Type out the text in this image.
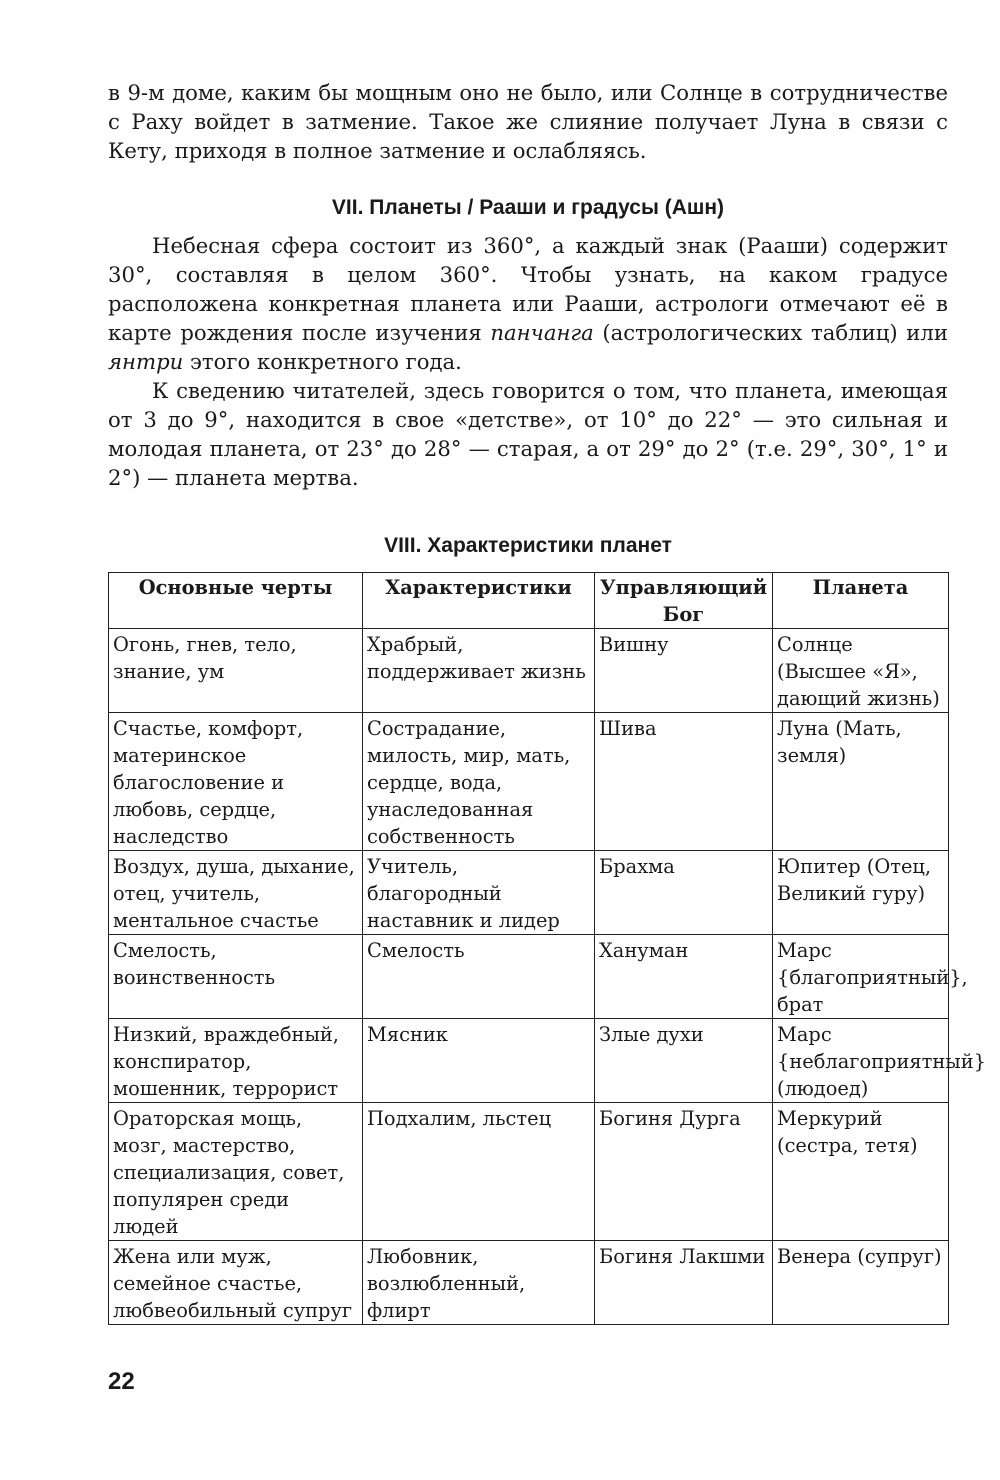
в 9-м доме, каким бы мощным оно не было, или Солнце в сотрудничестве с Раху войдет в затмение. Такое же слияние получает Луна в связи с Кету, приходя в полное затмение и ослабляясь.

VII. Планеты / Рааши и градусы (Ашн)

Небесная сфера состоит из 360°, а каждый знак (Рааши) содержит 30°, составляя в целом 360°. Чтобы узнать, на каком градусе расположена конкретная планета или Рааши, астрологи отмечают её в карте рождения после изучения панчанга (астрологических таблиц) или янтри этого конкретного года.

К сведению читателей, здесь говорится о том, что планета, имеющая от 3 до 9°, находится в свое «детстве», от 10° до 22° — это сильная и молодая планета, от 23° до 28° — старая, а от 29° до 2° (т.е. 29°, 30°, 1° и 2°) — планета мертва.

VIII. Характеристики планет
Основные черты	Характеристики	Управляющий Бог	Планета
Огонь, гнев, тело, знание, ум	Храбрый, поддерживает жизнь	Вишну	Солнце (Высшее «Я», дающий жизнь)
Счастье, комфорт, материнское благословение и любовь, сердце, наследство	Сострадание, милость, мир, мать, сердце, вода, унаследованная собственность	Шива	Луна (Мать, земля)
Воздух, душа, дыхание, отец, учитель, ментальное счастье	Учитель, благородный наставник и лидер	Брахма	Юпитер (Отец, Великий гуру)
Смелость, воинственность	Смелость	Хануман	Марс {благоприятный}, брат
Низкий, враждебный, конспиратор, мошенник, террорист	Мясник	Злые духи	Марс {неблагоприятный} (людоед)
Ораторская мощь, мозг, мастерство, специализация, совет, популярен среди людей	Подхалим, льстец	Богиня Дурга	Меркурий (сестра, тетя)
Жена или муж, семейное счастье, любвеобильный супруг	Любовник, возлюбленный, флирт	Богиня Лакшми	Венера (супруг)
22
